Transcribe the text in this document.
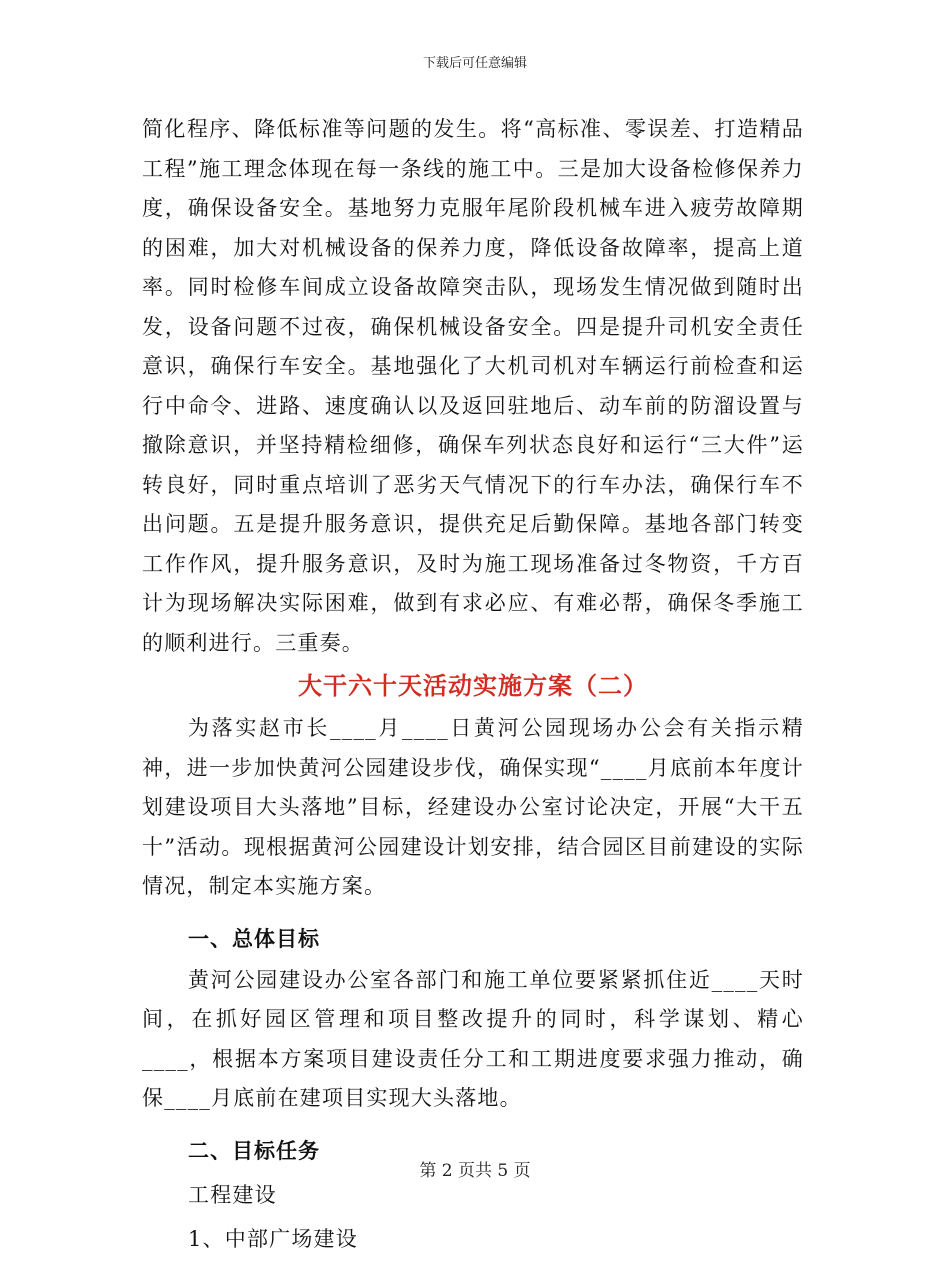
下载后可任意编辑

简化程序、降低标准等问题的发生。将“高标准、零误差、打造精品工程”施工理念体现在每一条线的施工中。三是加大设备检修保养力度，确保设备安全。基地努力克服年尾阶段机械车进入疲劳故障期的困难，加大对机械设备的保养力度，降低设备故障率，提高上道率。同时检修车间成立设备故障突击队，现场发生情况做到随时出发，设备问题不过夜，确保机械设备安全。四是提升司机安全责任意识，确保行车安全。基地强化了大机司机对车辆运行前检查和运行中命令、进路、速度确认以及返回驻地后、动车前的防溜设置与撤除意识，并坚持精检细修，确保车列状态良好和运行“三大件”运转良好，同时重点培训了恶劣天气情况下的行车办法，确保行车不出问题。五是提升服务意识，提供充足后勤保障。基地各部门转变工作作风，提升服务意识，及时为施工现场准备过冬物资，千方百计为现场解决实际困难，做到有求必应、有难必帮，确保冬季施工的顺利进行。三重奏。

大干六十天活动实施方案（二）

为落实赵市长____月____日黄河公园现场办公会有关指示精神，进一步加快黄河公园建设步伐，确保实现“____月底前本年度计划建设项目大头落地”目标，经建设办公室讨论决定，开展“大干五十”活动。现根据黄河公园建设计划安排，结合园区目前建设的实际情况，制定本实施方案。

一、总体目标

黄河公园建设办公室各部门和施工单位要紧紧抓住近____天时间，在抓好园区管理和项目整改提升的同时，科学谋划、精心____，根据本方案项目建设责任分工和工期进度要求强力推动，确保____月底前在建项目实现大头落地。

二、目标任务

工程建设

1、中部广场建设

第 2 页共 5 页
